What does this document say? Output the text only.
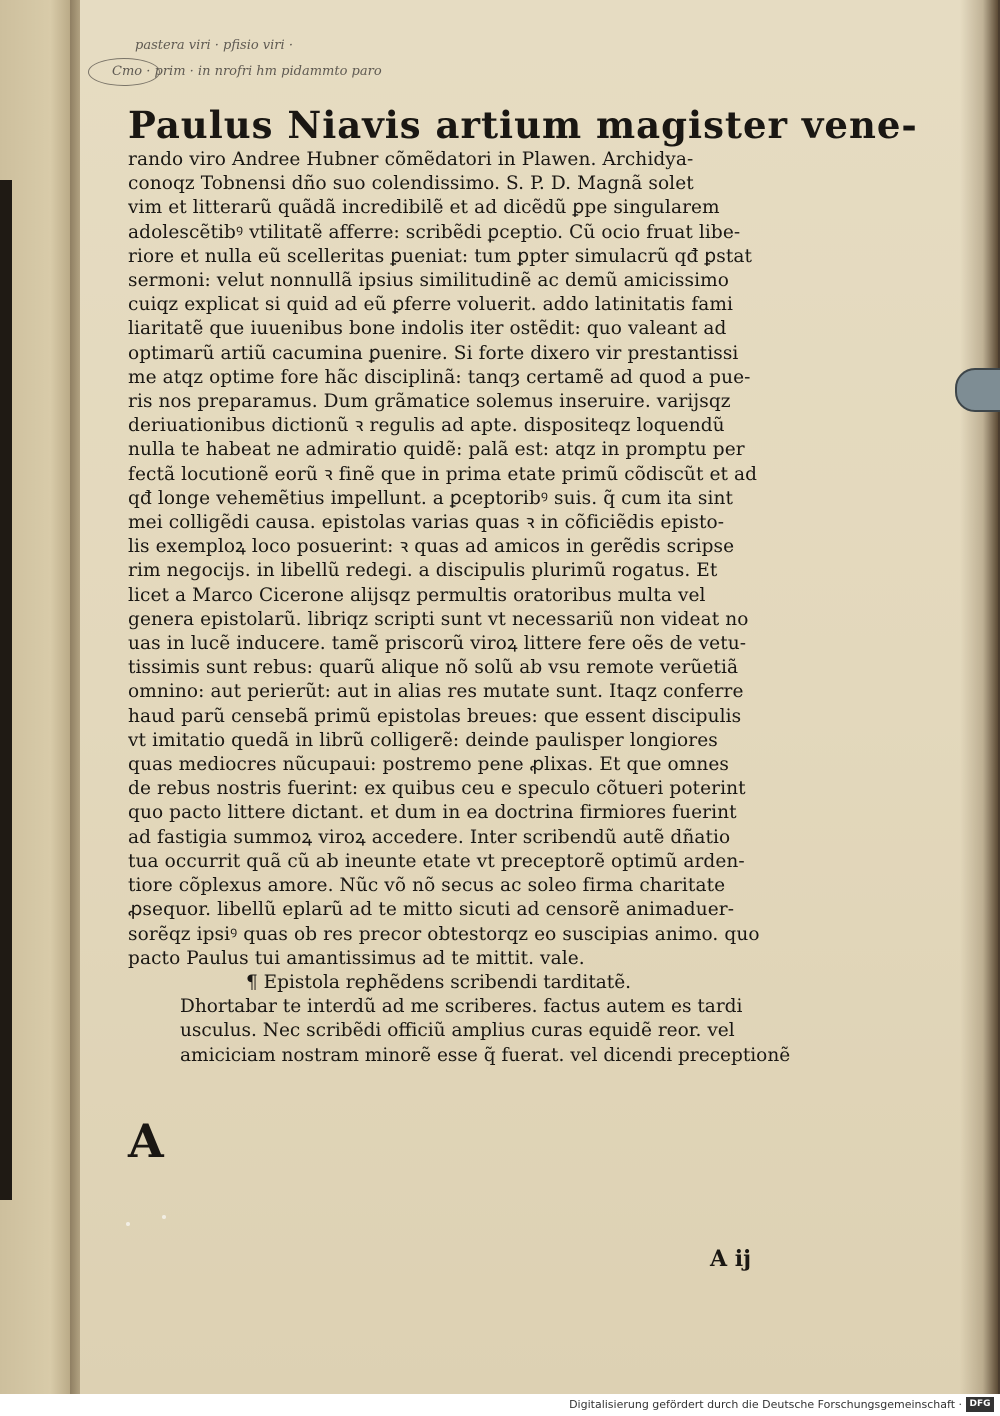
pastera viri · pfisio viri ·
Cmo · prim · in nrofri hm pidammto paro
Paulus Niavis artium magister vene-
rando viro Andree Hubner cõmẽdatori in Plawen. Archidya-
conoqz Tobnensi dño suo colendissimo. S. P. D. Magnã solet
vim et litterarũ quãdã incredibilẽ et ad dicẽdũ ꝑpe singularem
adolescẽtibꝰ vtilitatẽ afferre: scribẽdi ꝑceptio. Cũ ocio fruat libe-
riore et nulla eũ scelleritas ꝑueniat: tum ꝑpter simulacrũ qđ ꝑstat
sermoni: velut nonnullã ipsius similitudinẽ ac demũ amicissimo
cuiqz explicat si quid ad eũ ꝑferre voluerit. addo latinitatis fami
liaritatẽ que iuuenibus bone indolis iter ostẽdit: quo valeant ad
optimarũ artiũ cacumina ꝑuenire. Si forte dixero vir prestantissi
me atqz optime fore hãc disciplinã: tanqȝ certamẽ ad quod a pue-
ris nos preparamus. Dum grãmatice solemus inseruire. varijsqz
deriuationibus dictionũ ꝛ regulis ad apte. dispositeqz loquendũ
nulla te habeat ne admiratio quidẽ: palã est: atqz in promptu per
fectã locutionẽ eorũ ꝛ finẽ que in prima etate primũ cõdiscũt et ad
qđ longe vehemẽtius impellunt. a ꝑceptoribꝰ suis. q̃ cum ita sint
mei colligẽdi causa. epistolas varias quas ꝛ in cõficiẽdis episto-
lis exemploꝝ loco posuerint: ꝛ quas ad amicos in gerẽdis scripse
rim negocijs. in libellũ redegi. a discipulis plurimũ rogatus. Et
licet a Marco Cicerone alijsqz permultis oratoribus multa vel
genera epistolarũ. libriqz scripti sunt vt necessariũ non videat no
uas in lucẽ inducere. tamẽ priscorũ viroꝝ littere fere oẽs de vetu-
tissimis sunt rebus: quarũ alique nõ solũ ab vsu remote verũetiã
omnino: aut perierũt: aut in alias res mutate sunt. Itaqz conferre
haud parũ censebã primũ epistolas breues: que essent discipulis
vt imitatio quedã in librũ colligerẽ: deinde paulisper longiores
quas mediocres nũcupaui: postremo pene ꝓlixas. Et que omnes
de rebus nostris fuerint: ex quibus ceu e speculo cõtueri poterint
quo pacto littere dictant. et dum in ea doctrina firmiores fuerint
ad fastigia summoꝝ viroꝝ accedere. Inter scribendũ autẽ dñatio
tua occurrit quã cũ ab ineunte etate vt preceptorẽ optimũ arden-
tiore cõplexus amore. Nũc võ nõ secus ac soleo firma charitate
ꝓsequor. libellũ eplarũ ad te mitto sicuti ad censorẽ animaduer-
sorẽqz ipsiꝰ quas ob res precor obtestorqz eo suscipias animo. quo
pacto Paulus tui amantissimus ad te mittit. vale.
¶ Epistola reꝑhẽdens scribendi tarditatẽ.
Dhortabar te interdũ ad me scriberes. factus autem es tardi
usculus. Nec scribẽdi officiũ amplius curas equidẽ reor. vel
amiciciam nostram minorẽ esse q̃ fuerat. vel dicendi preceptionẽ
A
A ij
Digitalisierung gefördert durch die Deutsche Forschungsgemeinschaft · DFG
